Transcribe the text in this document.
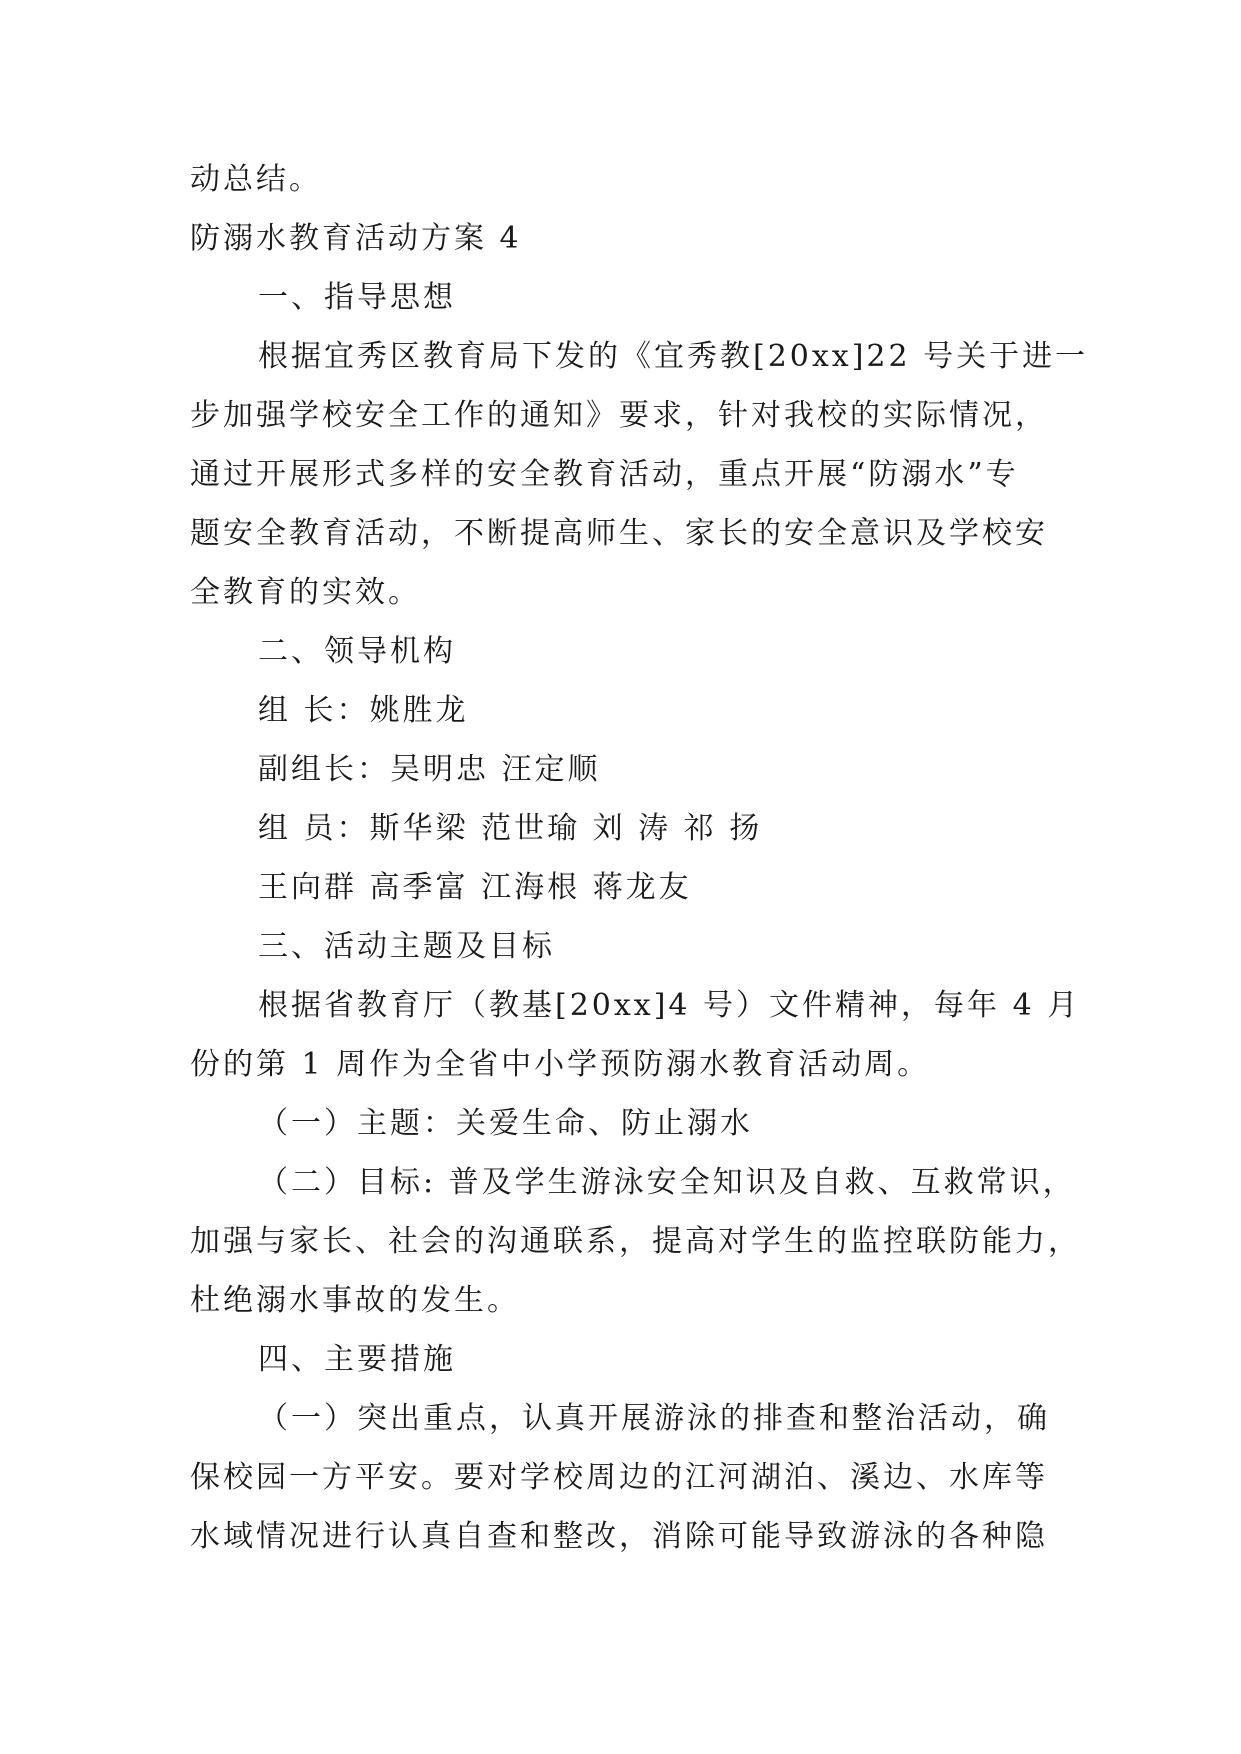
动总结。
防溺水教育活动方案 4
一、指导思想
根据宜秀区教育局下发的《宜秀教[20xx]22 号关于进一
步加强学校安全工作的通知》要求，针对我校的实际情况，
通过开展形式多样的安全教育活动，重点开展“防溺水”专
题安全教育活动，不断提高师生、家长的安全意识及学校安
全教育的实效。
二、领导机构
组 长：姚胜龙
副组长：吴明忠 汪定顺
组 员：斯华梁 范世瑜 刘 涛 祁 扬
王向群 高季富 江海根 蒋龙友
三、活动主题及目标
根据省教育厅（教基[20xx]4 号）文件精神，每年 4 月
份的第 1 周作为全省中小学预防溺水教育活动周。
（一）主题：关爱生命、防止溺水
（二）目标: 普及学生游泳安全知识及自救、互救常识，
加强与家长、社会的沟通联系，提高对学生的监控联防能力，
杜绝溺水事故的发生。
四、主要措施
（一）突出重点，认真开展游泳的排查和整治活动，确
保校园一方平安。要对学校周边的江河湖泊、溪边、水库等
水域情况进行认真自查和整改，消除可能导致游泳的各种隐
